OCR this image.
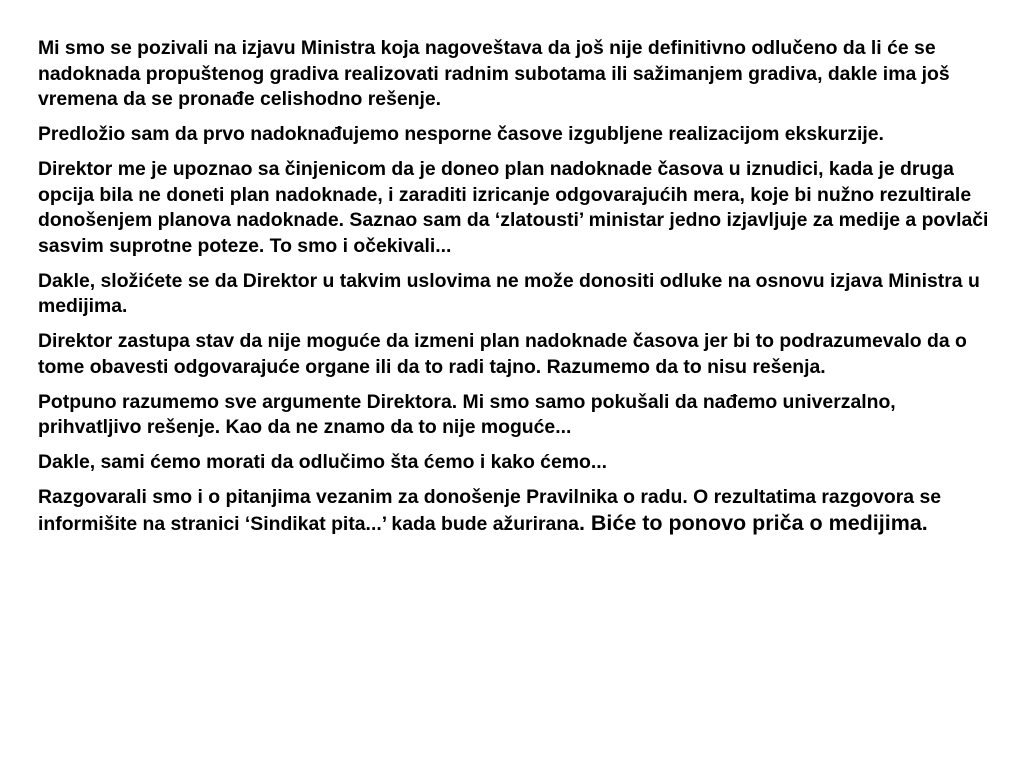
Mi smo se pozivali na izjavu Ministra koja nagoveštava da još nije definitivno odlučeno da li će se nadoknada propuštenog gradiva realizovati radnim subotama ili sažimanjem gradiva, dakle ima još vremena da se pronađe celishodno rešenje.

Predložio sam da prvo nadoknađujemo nesporne časove izgubljene realizacijom ekskurzije.

Direktor me je upoznao sa činjenicom da je doneo plan nadoknade časova u iznudici, kada je druga opcija bila ne doneti plan nadoknade, i zaraditi izricanje odgovarajućih mera, koje bi nužno rezultirale donošenjem planova nadoknade. Saznao sam da ‘zlatousti’ ministar jedno izjavljuje za medije a povlači sasvim suprotne poteze. To smo i očekivali...

Dakle, složićete se da Direktor u takvim uslovima ne može donositi odluke na osnovu izjava Ministra u medijima.

Direktor zastupa stav da nije moguće da izmeni plan nadoknade časova jer bi to podrazumevalo da o tome obavesti odgovarajuće organe ili da to radi tajno. Razumemo da to nisu rešenja.

Potpuno razumemo sve argumente Direktora. Mi smo samo pokušali da nađemo univerzalno, prihvatljivo rešenje. Kao da ne znamo da to nije moguće...

Dakle, sami ćemo morati da odlučimo šta ćemo i kako ćemo...

Razgovarali smo i o pitanjima vezanim za donošenje Pravilnika o radu. O rezultatima razgovora se informišite na stranici ‘Sindikat pita...’ kada bude ažurirana. Biće to ponovo priča o medijima.
